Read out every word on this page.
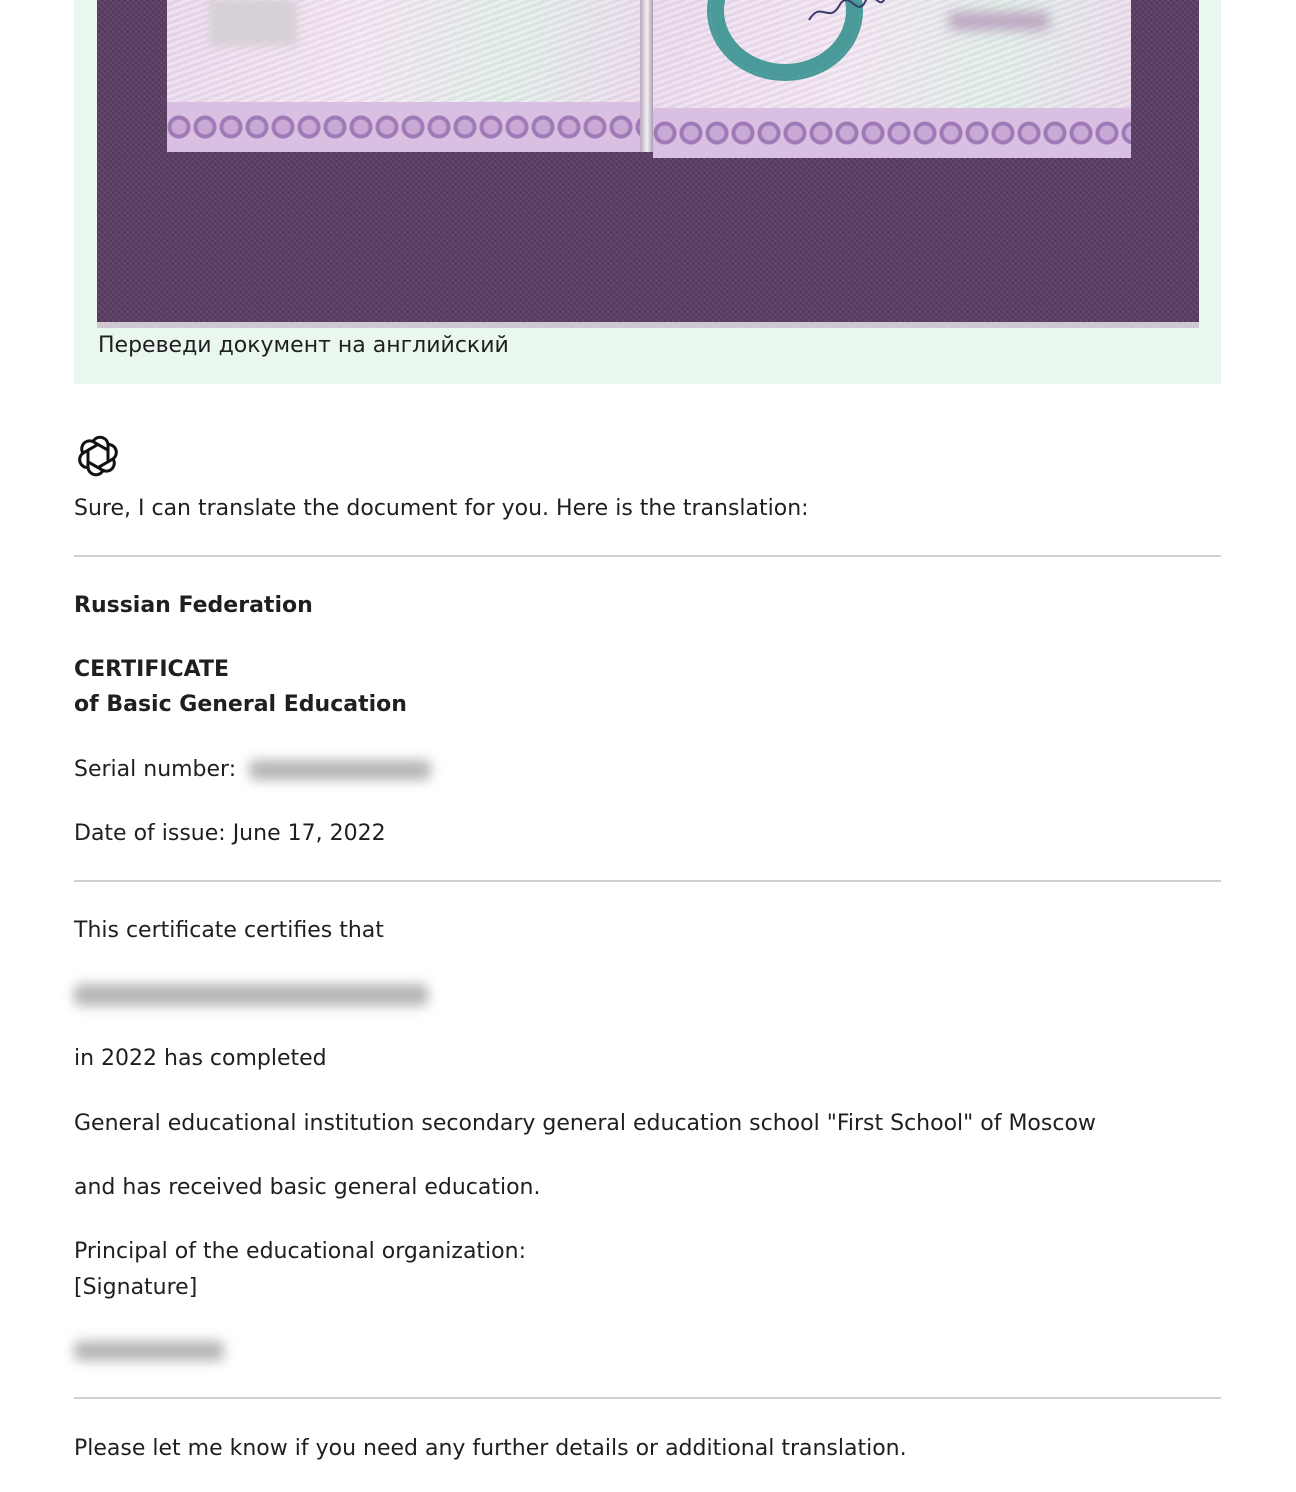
Переведи документ на английский

Sure, I can translate the document for you. Here is the translation:

Russian Federation

CERTIFICATE

of Basic General Education

Serial number:

Date of issue: June 17, 2022

This certificate certifies that

in 2022 has completed

General educational institution secondary general education school "First School" of Moscow

and has received basic general education.

Principal of the educational organization:

[Signature]

Please let me know if you need any further details or additional translation.
